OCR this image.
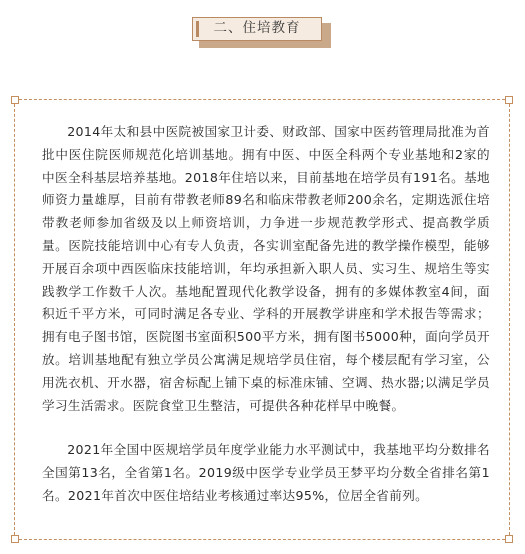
二、住培教育

2014年太和县中医院被国家卫计委、财政部、国家中医药管理局批准为首批中医住院医师规范化培训基地。拥有中医、中医全科两个专业基地和2家的中医全科基层培养基地。2018年住培以来，目前基地在培学员有191名。基地师资力量雄厚，目前有带教老师89名和临床带教老师200余名，定期选派住培带教老师参加省级及以上师资培训，力争进一步规范教学形式、提高教学质量。医院技能培训中心有专人负责，各实训室配备先进的教学操作模型，能够开展百余项中西医临床技能培训，年均承担新入职人员、实习生、规培生等实践教学工作数千人次。基地配置现代化教学设备，拥有的多媒体教室4间，面积近千平方米，可同时满足各专业、学科的开展教学讲座和学术报告等需求；拥有电子图书馆，医院图书室面积500平方米，拥有图书5000种，面向学员开放。培训基地配有独立学员公寓满足规培学员住宿，每个楼层配有学习室，公用洗衣机、开水器，宿舍标配上铺下桌的标准床铺、空调、热水器;以满足学员学习生活需求。医院食堂卫生整洁，可提供各种花样早中晚餐。

2021年全国中医规培学员年度学业能力水平测试中，我基地平均分数排名全国第13名，全省第1名。2019级中医学专业学员王梦平均分数全省排名第1名。2021年首次中医住培结业考核通过率达95%，位居全省前列。
